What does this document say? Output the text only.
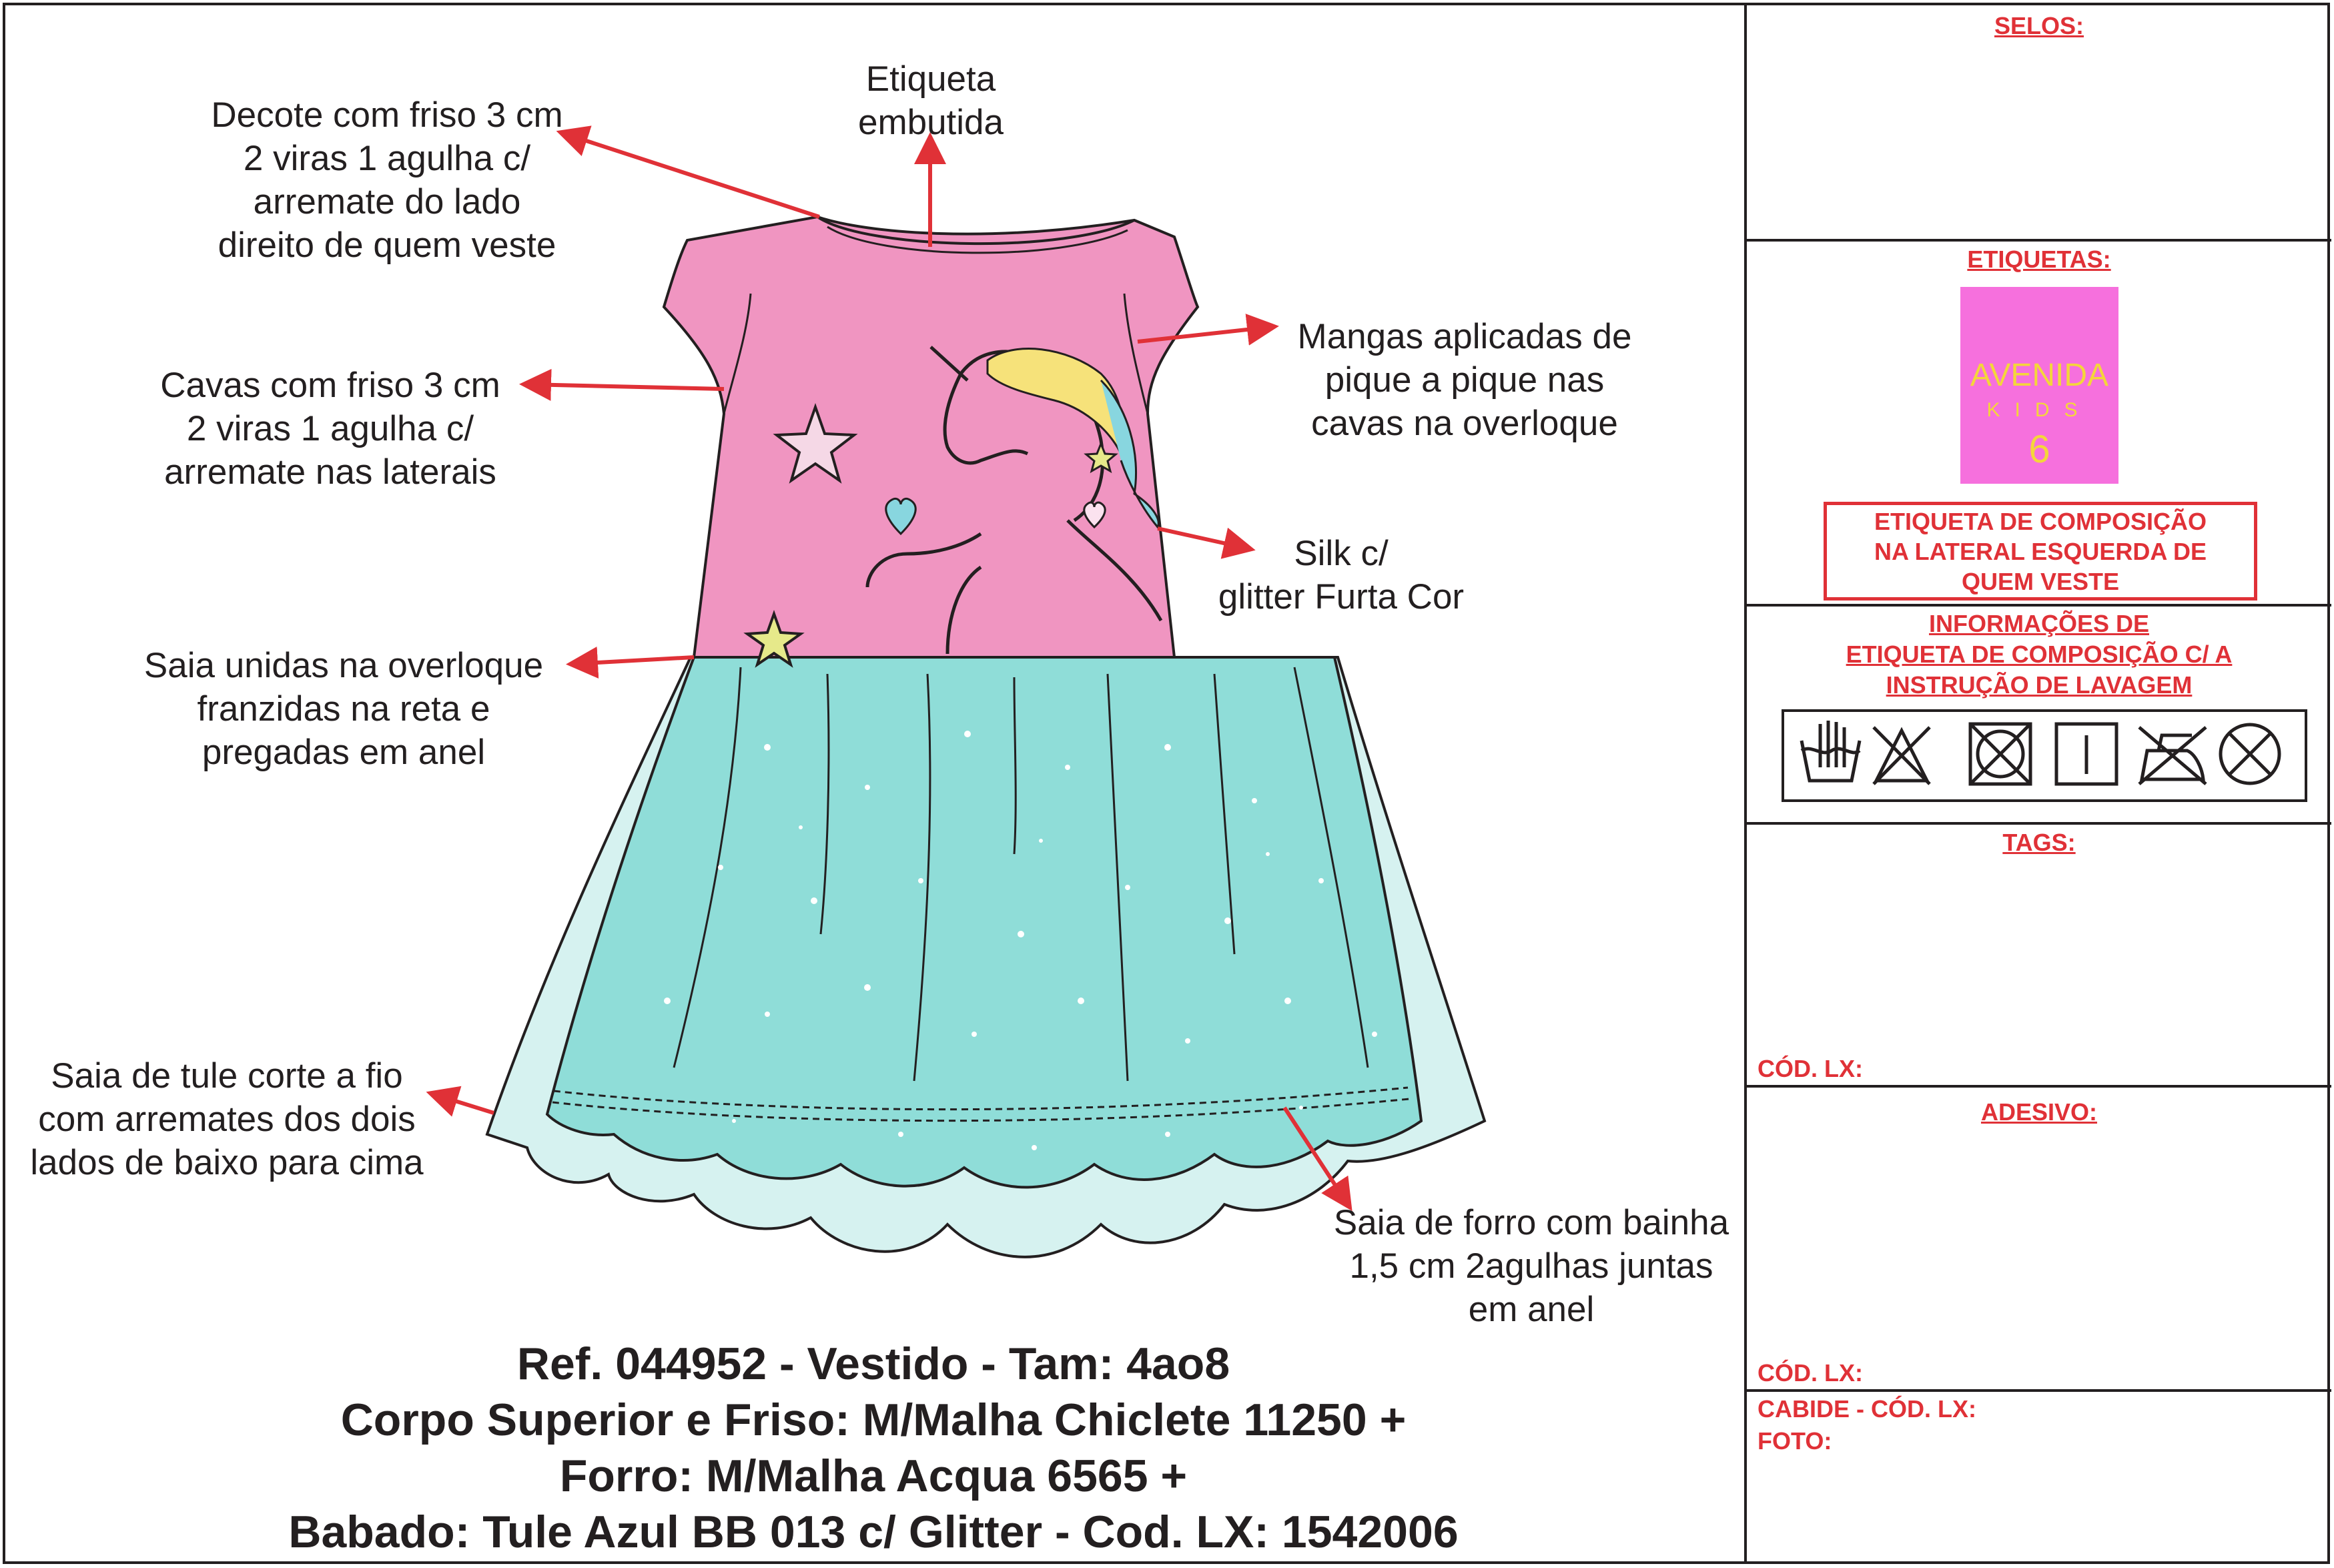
Decote com friso 3 cm
2 viras 1 agulha c/
arremate do lado
direito de quem veste
Etiqueta
embutida
Cavas com friso 3 cm
2 viras 1 agulha c/
arremate nas laterais
Mangas aplicadas de
pique a pique nas
cavas na overloque
Silk c/
glitter Furta Cor
Saia unidas na overloque
franzidas na reta e
pregadas em anel
Saia de tule corte a fio
com arremates dos dois
lados de baixo para cima
Saia de forro com bainha
1,5 cm 2agulhas juntas
em anel
Ref. 044952 - Vestido - Tam: 4ao8
Corpo Superior e Friso: M/Malha Chiclete 11250 +
Forro: M/Malha Acqua 6565 +
Babado: Tule Azul BB 013 c/ Glitter - Cod. LX: 1542006
SELOS:
ETIQUETAS:
AVENIDA
KIDS
6
ETIQUETA DE COMPOSIÇÃO
NA LATERAL ESQUERDA DE
QUEM VESTE
INFORMAÇÕES DE
ETIQUETA DE COMPOSIÇÃO C/ A
INSTRUÇÃO DE LAVAGEM
TAGS:
CÓD. LX:
ADESIVO:
CÓD. LX:
CABIDE - CÓD. LX:
FOTO:
